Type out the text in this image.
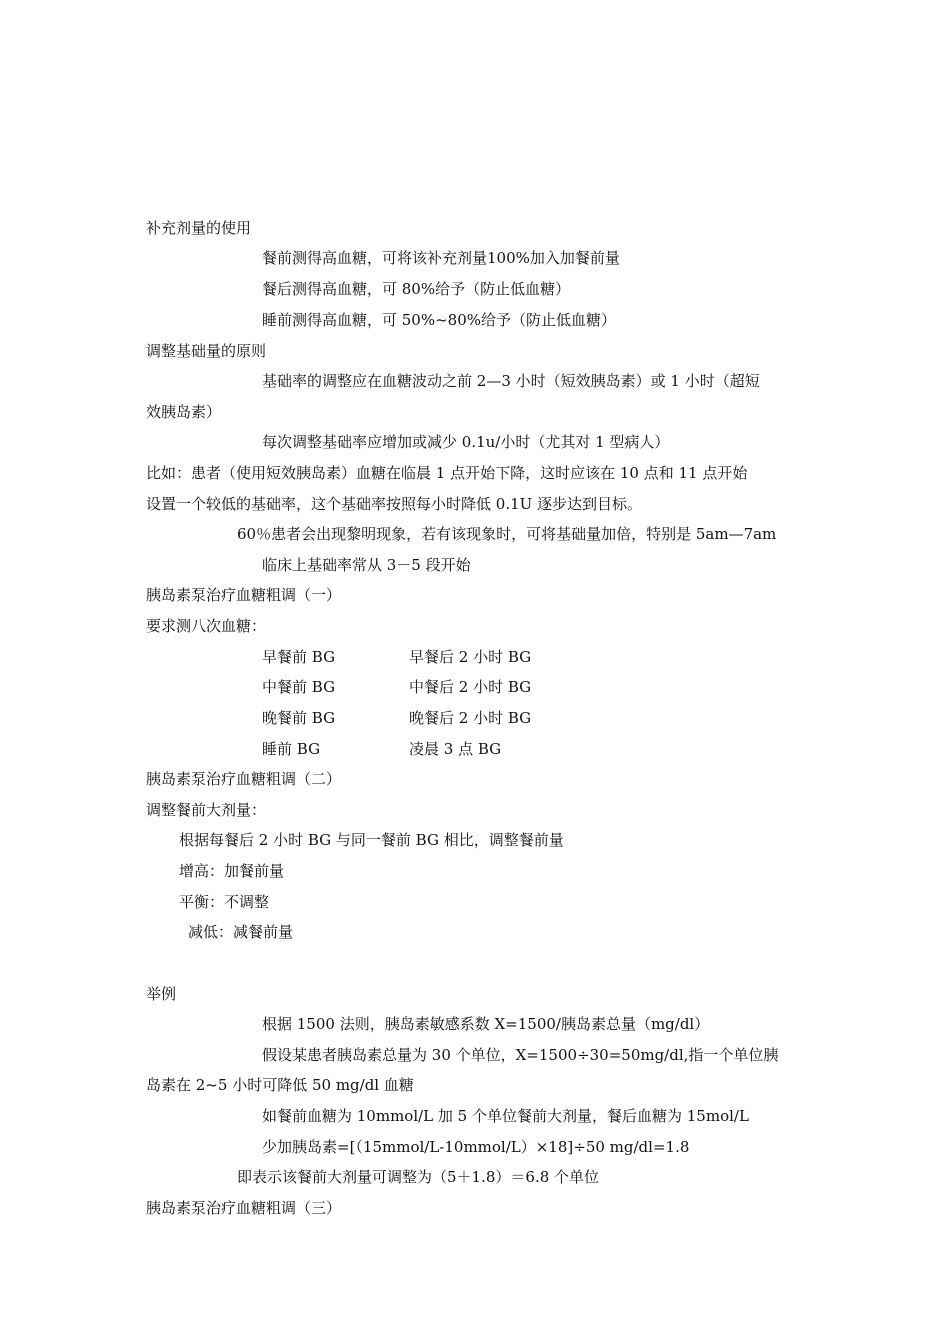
补充剂量的使用
餐前测得高血糖，可将该补充剂量100%加入加餐前量
餐后测得高血糖，可 80%给予（防止低血糖）
睡前测得高血糖，可 50%~80%给予（防止低血糖）
调整基础量的原则
基础率的调整应在血糖波动之前 2—3 小时（短效胰岛素）或 1 小时（超短
效胰岛素）
每次调整基础率应增加或减少 0.1u/小时（尤其对 1 型病人）
比如：患者（使用短效胰岛素）血糖在临晨 1 点开始下降，这时应该在 10 点和 11 点开始
设置一个较低的基础率，这个基础率按照每小时降低 0.1U 逐步达到目标。
60％患者会出现黎明现象，若有该现象时，可将基础量加倍，特别是 5am—7am
临床上基础率常从 3－5 段开始
胰岛素泵治疗血糖粗调（一）
要求测八次血糖：
早餐前 BG	早餐后 2 小时 BG
中餐前 BG	中餐后 2 小时 BG
晚餐前 BG	晚餐后 2 小时 BG
睡前 BG	凌晨 3 点 BG
胰岛素泵治疗血糖粗调（二）
调整餐前大剂量：
根据每餐后 2 小时 BG 与同一餐前 BG 相比，调整餐前量
增高：加餐前量
平衡：不调整
减低：减餐前量
举例
根据 1500 法则，胰岛素敏感系数 X=1500/胰岛素总量（mg/dl）
假设某患者胰岛素总量为 30 个单位，X=1500÷30=50mg/dl,指一个单位胰
岛素在 2~5 小时可降低 50 mg/dl 血糖
如餐前血糖为 10mmol/L 加 5 个单位餐前大剂量，餐后血糖为 15mol/L
少加胰岛素=[（15mmol/L-10mmol/L）×18]÷50 mg/dl=1.8
即表示该餐前大剂量可调整为（5＋1.8）＝6.8 个单位
胰岛素泵治疗血糖粗调（三）
